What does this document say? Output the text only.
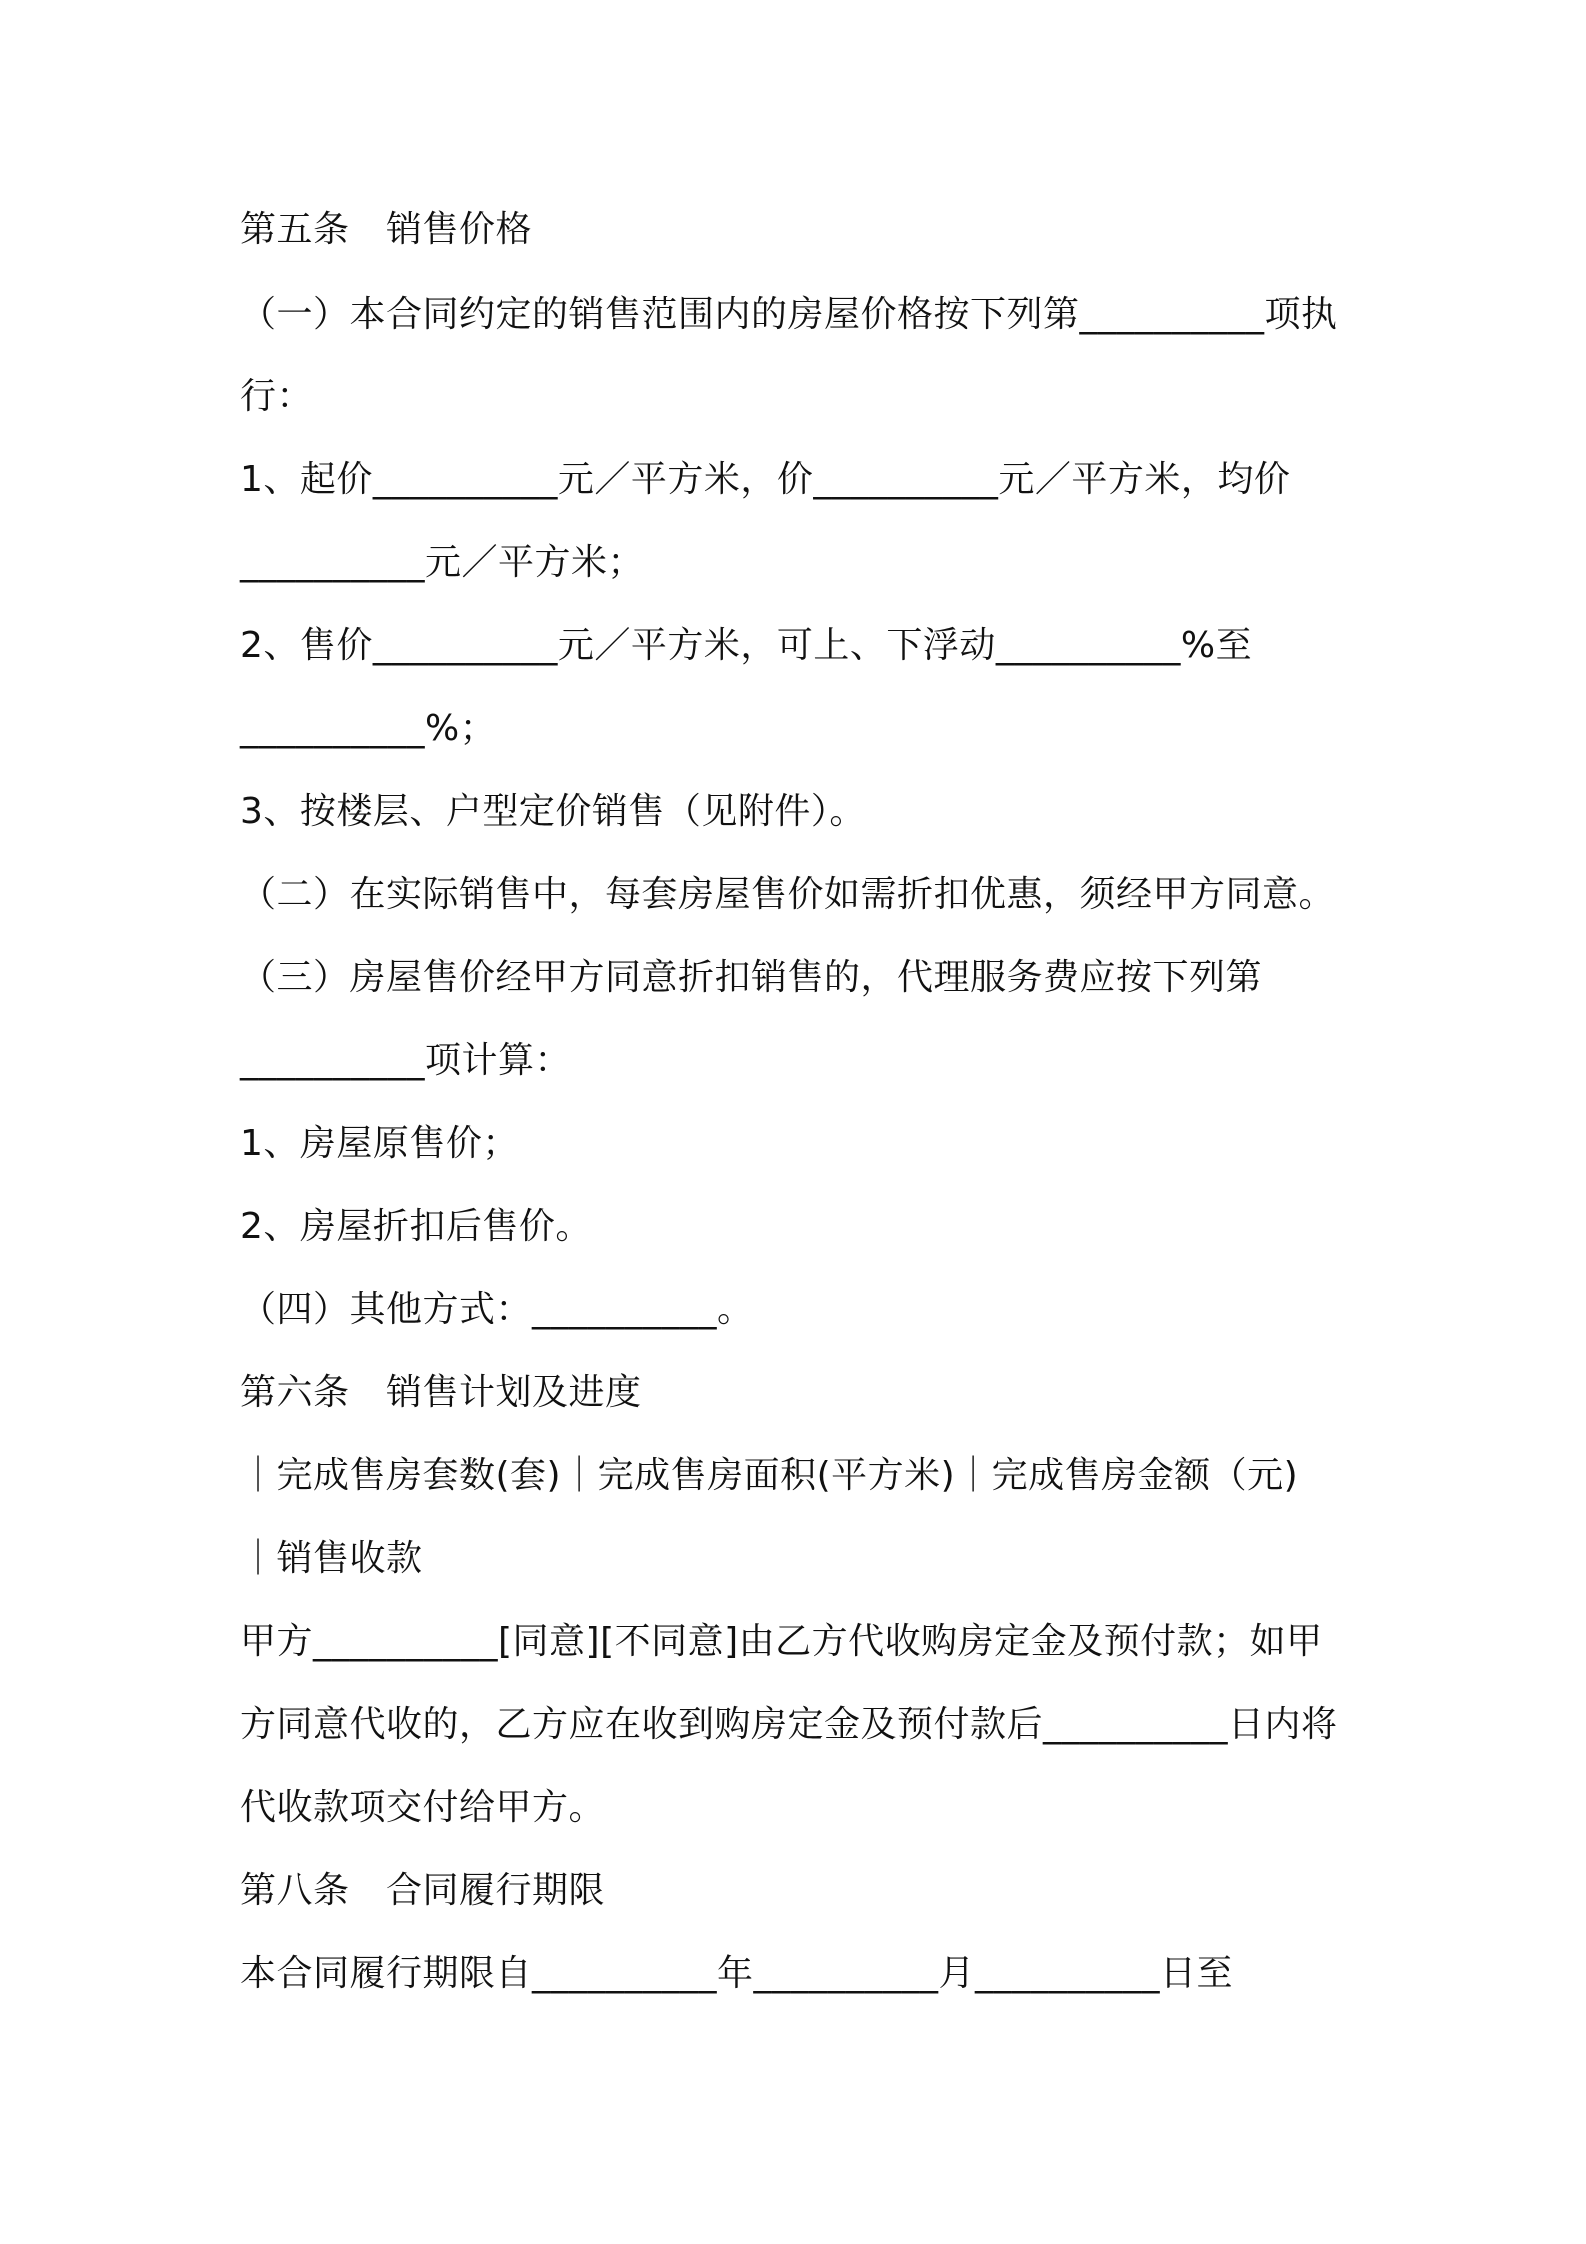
第五条　销售价格

（一）本合同约定的销售范围内的房屋价格按下列第__________项执

行：

1、起价__________元／平方米，价__________元／平方米，均价

__________元／平方米；

2、售价__________元／平方米，可上、下浮动__________%至

__________%；

3、按楼层、户型定价销售（见附件）。

（二）在实际销售中，每套房屋售价如需折扣优惠，须经甲方同意。

（三）房屋售价经甲方同意折扣销售的，代理服务费应按下列第

__________项计算：

1、房屋原售价；

2、房屋折扣后售价。

（四）其他方式：__________。

第六条　销售计划及进度

｜完成售房套数(套)｜完成售房面积(平方米)｜完成售房金额（元)

｜销售收款

甲方__________[同意][不同意]由乙方代收购房定金及预付款；如甲

方同意代收的，乙方应在收到购房定金及预付款后__________日内将

代收款项交付给甲方。

第八条　合同履行期限

本合同履行期限自__________年__________月__________日至
